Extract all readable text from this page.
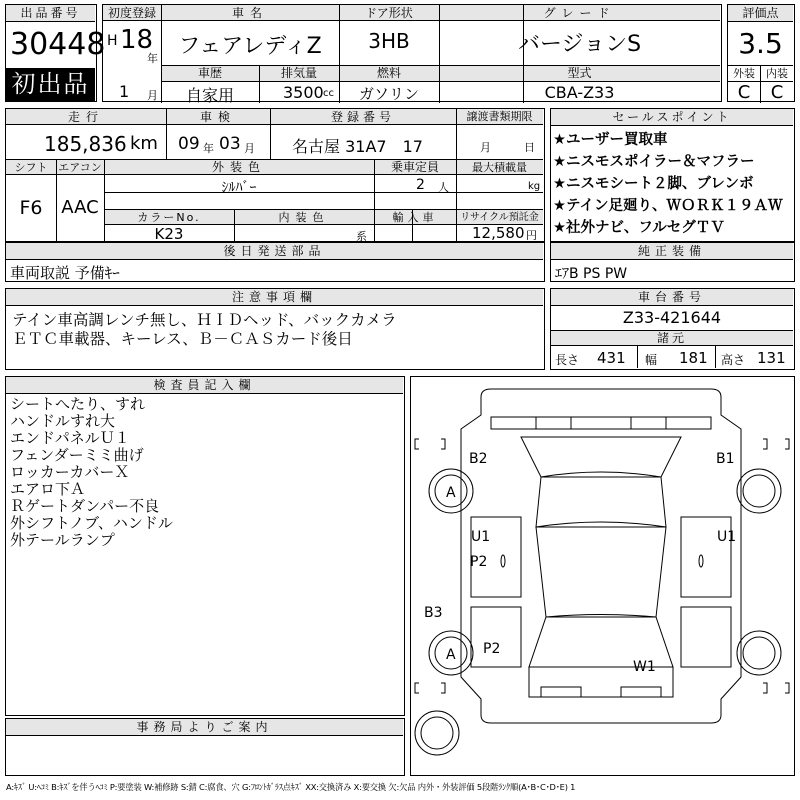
出品番号
30448
初出品
初度登録
H 18
年
1 月
車名
フェアレディZ
ドア形状
3HB
グレード
バージョンS
車歴
自家用
排気量
3500 cc
燃料
ガソリン
型式
CBA-Z33
評価点
3.5
外装	内装
C	C
走行
185,836 km
車検
09 年 03 月
登録番号
名古屋 31A7　17
譲渡書類期限
月	日
シフト
F6
エアコン
AAC
外装色
ｼﾙﾊﾞｰ
乗車定員
2 人
最大積載量
kg
カラーNo.
K23
内装色
系
輸入車	リサイクル預託金
12,580 円
セールスポイント
★ユーザー買取車
★ニスモスポイラー＆マフラー
★ニスモシート２脚、ブレンボ
★テイン足廻り、ＷＯＲＫ１９ＡＷ
★社外ナビ、フルセグＴＶ
後日発送部品
車両取説 予備ｷｰ
純正装備
ｴｱB PS PW
注意事項欄
テイン車高調レンチ無し、ＨＩＤヘッド、バックカメラ
ＥＴＣ車載器、キーレス、Ｂ－ＣＡＳカード後日
車台番号
Z33-421644
諸元
長さ 431 幅 181 高さ 131
検査員記入欄
シートへたり、すれ
ハンドルすれ大
エンドパネルＵ１
フェンダーミミ曲げ
ロッカーカバーＸ
エアロ下Ａ
Ｒゲートダンパー不良
外シフトノブ、ハンドル
外テールランプ
事務局よりご案内
B2	B1
A
U1	U1
P2
B3
A P2
W1
A:ｷｽﾞ U:ﾍｺﾐ B:ｷｽﾞを伴うﾍｺﾐ P:要塗装 W:補修跡 S:錆 C:腐食、穴 G:ﾌﾛﾝﾄｶﾞﾗｽ点ｷｽﾞ XX:交換済み X:要交換 欠:欠品 内外・外装評価 5段階ﾗﾝｸ順(A･B･C･D･E) 1
